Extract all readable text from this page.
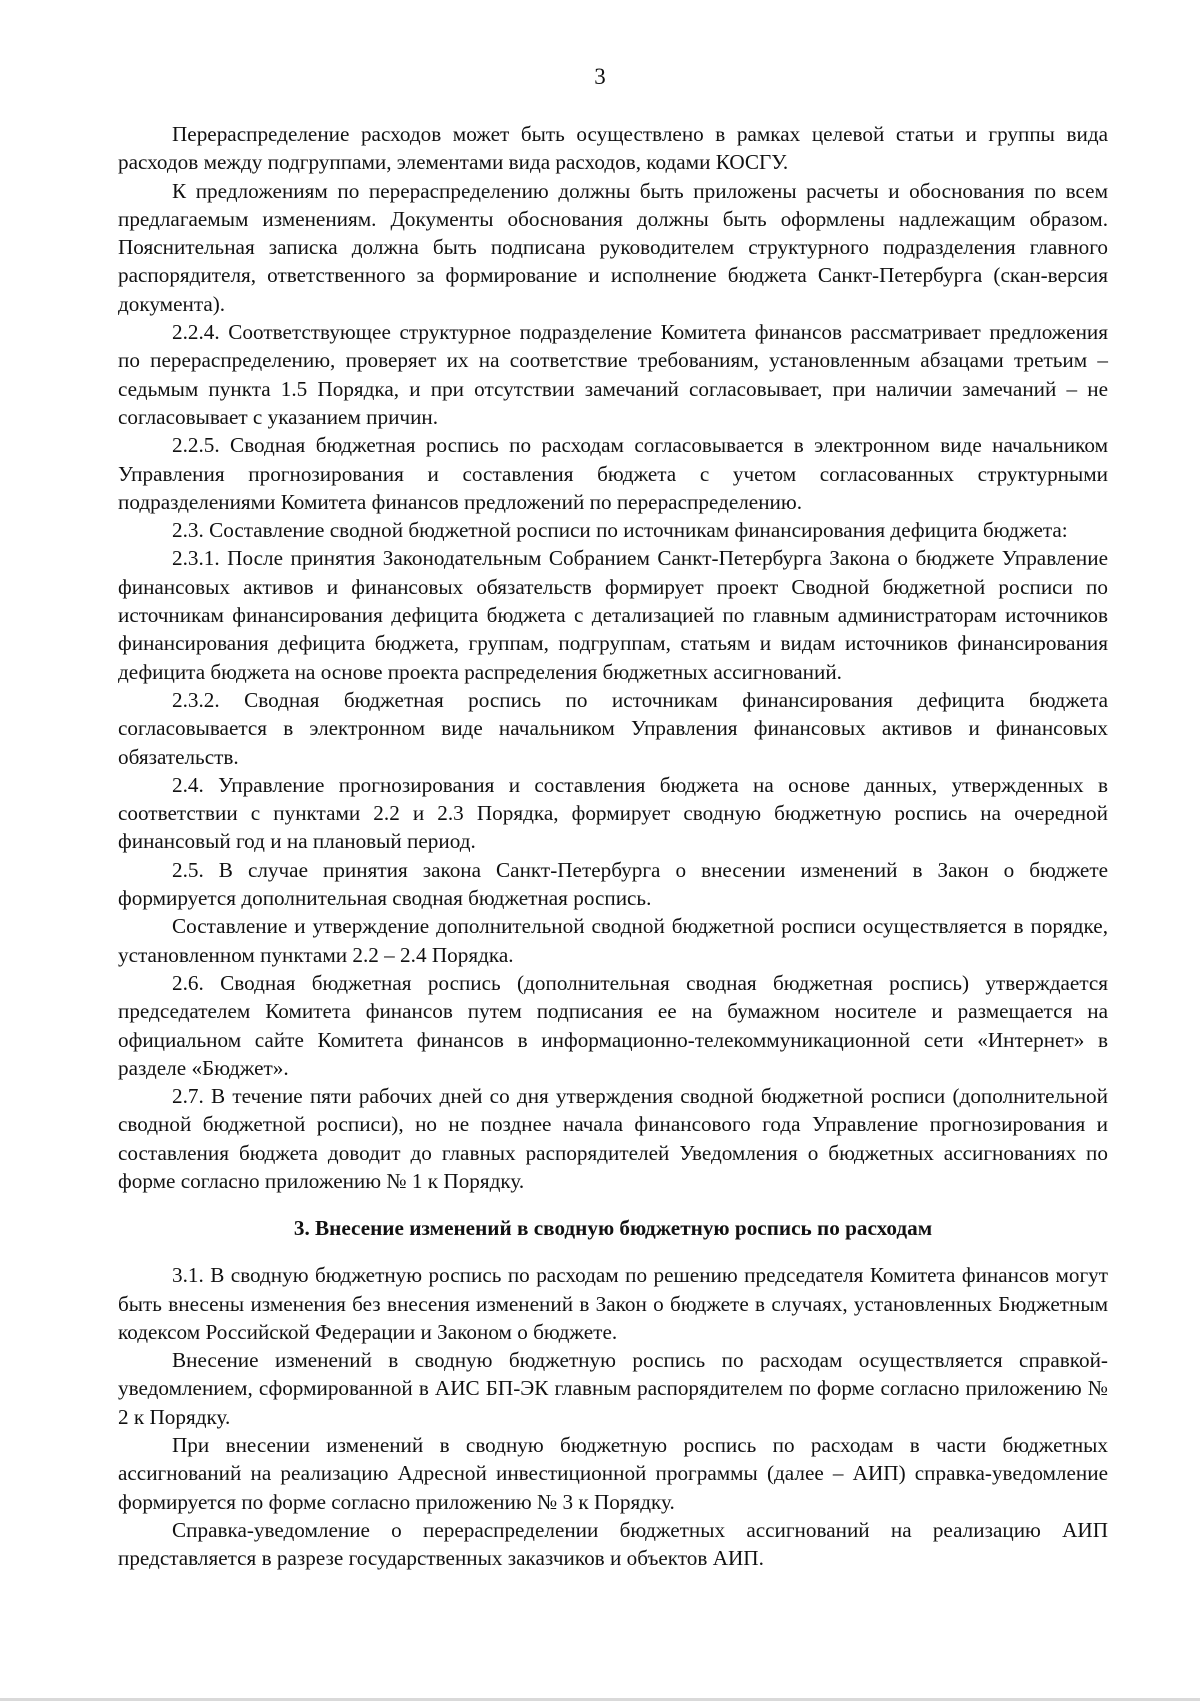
3

Перераспределение расходов может быть осуществлено в рамках целевой статьи и группы вида расходов между подгруппами, элементами вида расходов, кодами КОСГУ.

К предложениям по перераспределению должны быть приложены расчеты и обоснования по всем предлагаемым изменениям. Документы обоснования должны быть оформлены надлежащим образом. Пояснительная записка должна быть подписана руководителем структурного подразделения главного распорядителя, ответственного за формирование и исполнение бюджета Санкт-Петербурга (скан-версия документа).

2.2.4. Соответствующее структурное подразделение Комитета финансов рассматривает предложения по перераспределению, проверяет их на соответствие требованиям, установленным абзацами третьим – седьмым пункта 1.5 Порядка, и при отсутствии замечаний согласовывает, при наличии замечаний – не согласовывает с указанием причин.

2.2.5. Сводная бюджетная роспись по расходам согласовывается в электронном виде начальником Управления прогнозирования и составления бюджета с учетом согласованных структурными подразделениями Комитета финансов предложений по перераспределению.

2.3. Составление сводной бюджетной росписи по источникам финансирования дефицита бюджета:

2.3.1. После принятия Законодательным Собранием Санкт-Петербурга Закона о бюджете Управление финансовых активов и финансовых обязательств формирует проект Сводной бюджетной росписи по источникам финансирования дефицита бюджета с детализацией по главным администраторам источников финансирования дефицита бюджета, группам, подгруппам, статьям и видам источников финансирования дефицита бюджета на основе проекта распределения бюджетных ассигнований.

2.3.2. Сводная бюджетная роспись по источникам финансирования дефицита бюджета согласовывается в электронном виде начальником Управления финансовых активов и финансовых обязательств.

2.4. Управление прогнозирования и составления бюджета на основе данных, утвержденных в соответствии с пунктами 2.2 и 2.3 Порядка, формирует сводную бюджетную роспись на очередной финансовый год и на плановый период.

2.5. В случае принятия закона Санкт-Петербурга о внесении изменений в Закон о бюджете формируется дополнительная сводная бюджетная роспись.

Составление и утверждение дополнительной сводной бюджетной росписи осуществляется в порядке, установленном пунктами 2.2 – 2.4 Порядка.

2.6. Сводная бюджетная роспись (дополнительная сводная бюджетная роспись) утверждается председателем Комитета финансов путем подписания ее на бумажном носителе и размещается на официальном сайте Комитета финансов в информационно-телекоммуникационной сети «Интернет» в разделе «Бюджет».

2.7. В течение пяти рабочих дней со дня утверждения сводной бюджетной росписи (дополнительной сводной бюджетной росписи), но не позднее начала финансового года Управление прогнозирования и составления бюджета доводит до главных распорядителей Уведомления о бюджетных ассигнованиях по форме согласно приложению № 1 к Порядку.

3. Внесение изменений в сводную бюджетную роспись по расходам

3.1. В сводную бюджетную роспись по расходам по решению председателя Комитета финансов могут быть внесены изменения без внесения изменений в Закон о бюджете в случаях, установленных Бюджетным кодексом Российской Федерации и Законом о бюджете.

Внесение изменений в сводную бюджетную роспись по расходам осуществляется справкой-уведомлением, сформированной в АИС БП-ЭК главным распорядителем по форме согласно приложению № 2 к Порядку.

При внесении изменений в сводную бюджетную роспись по расходам в части бюджетных ассигнований на реализацию Адресной инвестиционной программы (далее – АИП) справка-уведомление формируется по форме согласно приложению № 3 к Порядку.

Справка-уведомление о перераспределении бюджетных ассигнований на реализацию АИП представляется в разрезе государственных заказчиков и объектов АИП.
